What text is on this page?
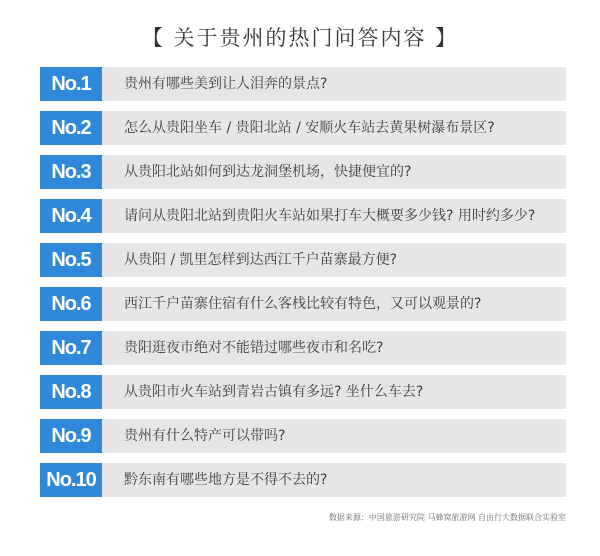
【 关于贵州的热门问答内容 】
No.1	贵州有哪些美到让人泪奔的景点?
No.2	怎么从贵阳坐车 / 贵阳北站 / 安顺火车站去黄果树瀑布景区?
No.3	从贵阳北站如何到达龙洞堡机场，快捷便宜的?
No.4	请问从贵阳北站到贵阳火车站如果打车大概要多少钱? 用时约多少?
No.5	从贵阳 / 凯里怎样到达西江千户苗寨最方便?
No.6	西江千户苗寨住宿有什么客栈比较有特色，又可以观景的?
No.7	贵阳逛夜市绝对不能错过哪些夜市和名吃?
No.8	从贵阳市火车站到青岩古镇有多远? 坐什么车去?
No.9	贵州有什么特产可以带吗?
No.10	黔东南有哪些地方是不得不去的?
数据来源：中国旅游研究院 马蜂窝旅游网 自由行大数据联合实验室
